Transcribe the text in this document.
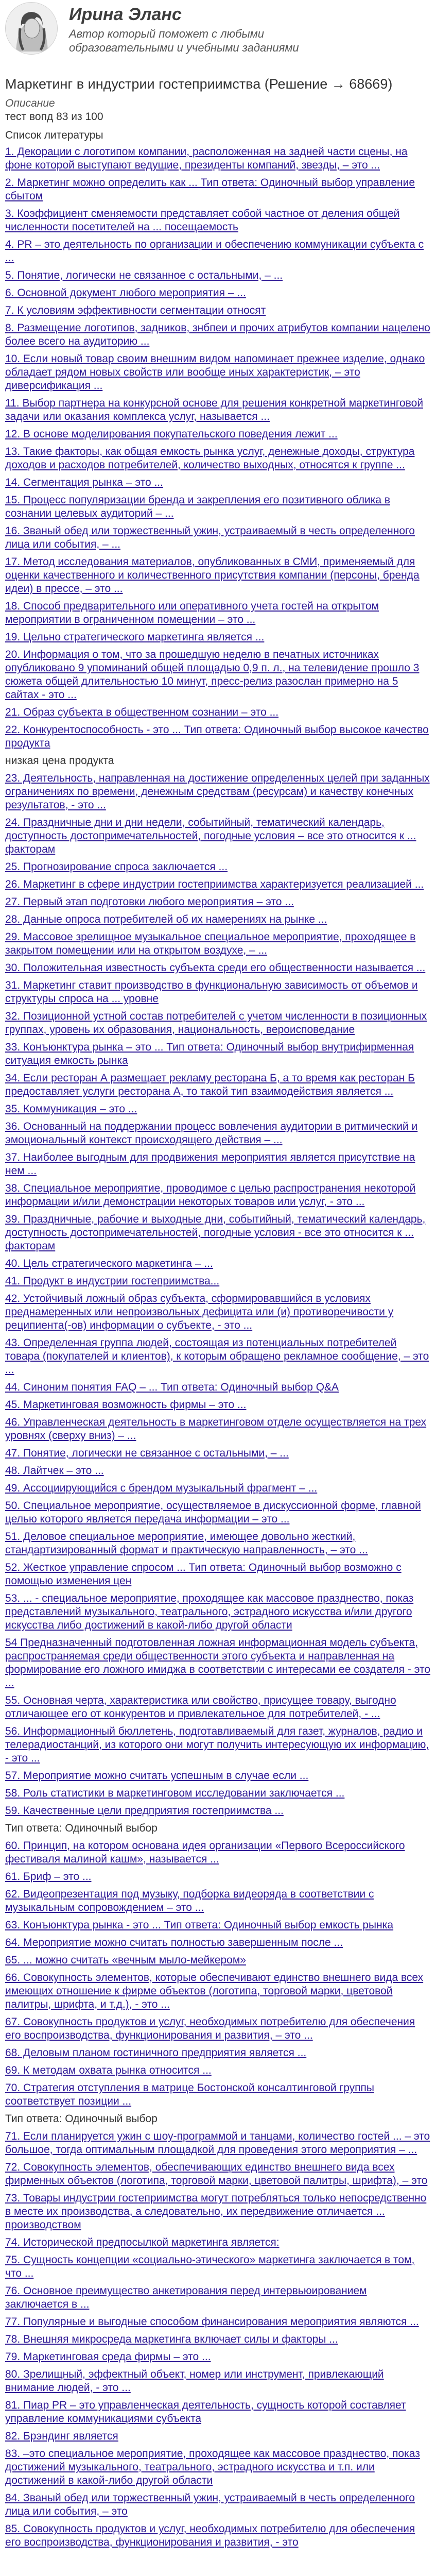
Ирина Эланс
Автор который поможет с любыми образовательными и учебными заданиями
Маркетинг в индустрии гостеприимства (Решение → 68669)
Описание
тест вопд 83 из 100
Список литературы
1. Декорации с логотипом компании, расположенная на задней части сцены, на фоне которой выступают ведущие, президенты компаний, звезды, – это ...
2. Маркетинг можно определить как ... Тип ответа: Одиночный выбор управление сбытом
3. Коэффициент сменяемости представляет собой частное от деления общей численности посетителей на ... посещаемость
4. PR – это деятельность по организации и обеспечению коммуникации субъекта с ...
5. Понятие, логически не связанное с остальными, – ...
6. Основной документ любого мероприятия – ...
7. К условиям эффективности сегментации относят
8. Размещение логотипов, задников, знбпеи и прочих атрибутов компании нацелено более всего на аудиторию ...
10. Если новый товар своим внешним видом напоминает прежнее изделие, однако обладает рядом новых свойств или вообще иных характеристик, – это диверсификация ...
11. Выбор партнера на конкурсной основе для решения конкретной маркетинговой задачи или оказания комплекса услуг, называется ...
12. В основе моделирования покупательского поведения лежит ...
13. Такие факторы, как общая емкость рынка услуг, денежные доходы, структура доходов и расходов потребителей, количество выходных, относятся к группе ...
14. Сегментация рынка – это ...
15. Процесс популяризации бренда и закрепления его позитивного облика в сознании целевых аудиторий – ...
16. Званый обед или торжественный ужин, устраиваемый в честь определенного лица или события, – ...
17. Метод исследования материалов, опубликованных в СМИ, применяемый для оценки качественного и количественного присутствия компании (персоны, бренда идеи) в прессе, – это ...
18. Способ предварительного или оперативного учета гостей на открытом мероприятии в ограниченном помещении – это ...
19. Цельно стратегического маркетинга является ...
20. Информация о том, что за прошедшую неделю в печатных источниках опубликовано 9 упоминаний общей площадью 0,9 п. л., на телевидение прошло 3 сюжета общей длительностью 10 минут, пресс-релиз разослан примерно на 5 сайтах - это ...
21. Образ субъекта в общественном сознании – это ...
22. Конкурентоспособность - это ... Тип ответа: Одиночный выбор высокое качество продукта
низкая цена продукта
23. Деятельность, направленная на достижение определенных целей при заданных ограничениях по времени, денежным средствам (ресурсам) и качеству конечных результатов, - это ...
24. Праздничные дни и дни недели, событийный, тематический календарь, доступность достопримечательностей, погодные условия – все это относится к ... факторам
25. Прогнозирование спроса заключается ...
26. Маркетинг в сфере индустрии гостеприимства характеризуется реализацией ...
27. Первый этап подготовки любого мероприятия – это ...
28. Данные опроса потребителей об их намерениях на рынке ...
29. Массовое зрелищное музыкальное специальное мероприятие, проходящее в закрытом помещении или на открытом воздухе, – ...
30. Положительная известность субъекта среди его общественности называется ...
31. Маркетинг ставит производство в функциональную зависимость от объемов и структуры спроса на ... уровне
32. Позиционной устной состав потребителей с учетом численности в позиционных группах, уровень их образования, национальность, вероисповедание
33. Конъюнктура рынка – это ... Тип ответа: Одиночный выбор внутрифирменная ситуация емкость рынка
34. Если ресторан А размещает рекламу ресторана Б, а то время как ресторан Б предоставляет услуги ресторана А, то такой тип взаимодействия является ...
35. Коммуникация – это ...
36. Основанный на поддержании процесс вовлечения аудитории в ритмический и эмоциональный контекст происходящего действия – ...
37. Наиболее выгодным для продвижения мероприятия является присутствие на нем ...
38. Специальное мероприятие, проводимое с целью распространения некоторой информации и/или демонстрации некоторых товаров или услуг, - это ...
39. Праздничные, рабочие и выходные дни, событийный, тематический календарь, доступность достопримечательностей, погодные условия - все это относится к ... факторам
40. Цель стратегического маркетинга – ...
41. Продукт в индустрии гостеприимства...
42. Устойчивый ложный образ субъекта, сформировавшийся в условиях преднамеренных или непроизвольных дефицита или (и) противоречивости у реципиента(-ов) информации о субъекте, - это ...
43. Определенная группа людей, состоящая из потенциальных потребителей товара (покупателей и клиентов), к которым обращено рекламное сообщение, – это ...
44. Синоним понятия FAQ – ... Тип ответа: Одиночный выбор Q&A
45. Маркетинговая возможность фирмы – это ...
46. Управленческая деятельность в маркетинговом отделе осуществляется на трех уровнях (сверху вниз) – ...
47. Понятие, логически не связанное с остальными, – ...
48. Лайтчек – это ...
49. Ассоциирующийся с брендом музыкальный фрагмент – ...
50. Специальное мероприятие, осуществляемое в дискуссионной форме, главной целью которого является передача информации – это ...
51. Деловое специальное мероприятие, имеющее довольно жесткий, стандартизированный формат и практическую направленность, – это ...
52. Жесткое управление спросом ... Тип ответа: Одиночный выбор возможно с помощью изменения цен
53. ... - специальное мероприятие, проходящее как массовое празднество, показ представлений музыкального, театрального, эстрадного искусства и/или другого искусства либо достижений в какой-либо другой области
54 Предназначенный подготовленная ложная информационная модель субъекта, распространяемая среди общественности этого субъекта и направленная на формирование его ложного имиджа в соответствии с интересами ее создателя - это ...
55. Основная черта, характеристика или свойство, присущее товару, выгодно отличающее его от конкурентов и привлекательное для потребителей, - ...
56. Информационный бюллетень, подготавливаемый для газет, журналов, радио и телерадиостанций, из которого они могут получить интересующую их информацию, - это ...
57. Мероприятие можно считать успешным в случае если ...
58. Роль статистики в маркетинговом исследовании заключается ...
59. Качественные цели предприятия гостеприимства ...
Тип ответа: Одиночный выбор
60. Принцип, на котором основана идея организации «Первого Всероссийского фестиваля малиной кашм», называется ...
61. Бриф – это ...
62. Видеопрезентация под музыку, подборка видеоряда в соответствии с музыкальным сопровождением – это ...
63. Конъюнктура рынка - это ... Тип ответа: Одиночный выбор емкость рынка
64. Мероприятие можно считать полностью завершенным после ...
65. ... можно считать «вечным мыло-мейкером»
66. Совокупность элементов, которые обеспечивают единство внешнего вида всех имеющих отношение к фирме объектов (логотипа, торговой марки, цветовой палитры, шрифта, и т.д.), - это ...
67. Совокупность продуктов и услуг, необходимых потребителю для обеспечения его воспроизводства, функционирования и развития, – это ...
68. Деловым планом гостиничного предприятия является ...
69. К методам охвата рынка относится ...
70. Стратегия отступления в матрице Бостонской консалтинговой группы соответствует позиции ...
Тип ответа: Одиночный выбор
71. Если планируется ужин с шоу-программой и танцами, количество гостей ... – это большое, тогда оптимальным площадкой для проведения этого мероприятия – ...
72. Совокупность элементов, обеспечивающих единство внешнего вида всех фирменных объектов (логотипа, торговой марки, цветовой палитры, шрифта), – это
73. Товары индустрии гостеприимства могут потребляться только непосредственно в месте их производства, а следовательно, их передвижение отличается ... производством
74. Исторической предпосылкой маркетинга является:
75. Сущность концепции «социально-этического» маркетинга заключается в том, что ...
76. Основное преимущество анкетирования перед интервьюированием заключается в ...
77. Популярные и выгодные способом финансирования мероприятия являются ...
78. Внешняя микросреда маркетинга включает силы и факторы ...
79. Маркетинговая среда фирмы – это ...
80. Зрелищный, эффектный объект, номер или инструмент, привлекающий внимание людей, - это ...
81. Пиар PR – это управленческая деятельность, сущность которой составляет управление коммуникациями субъекта
82. Брэндинг является
83. –это специальное мероприятие, проходящее как массовое празднество, показ достижений музыкального, театрального, эстрадного искусства и т.п. или достижений в какой-либо другой области
84. Званый обед или торжественный ужин, устраиваемый в честь определенного лица или события, – это
85. Совокупность продуктов и услуг, необходимых потребителю для обеспечения его воспроизводства, функционирования и развития, - это
